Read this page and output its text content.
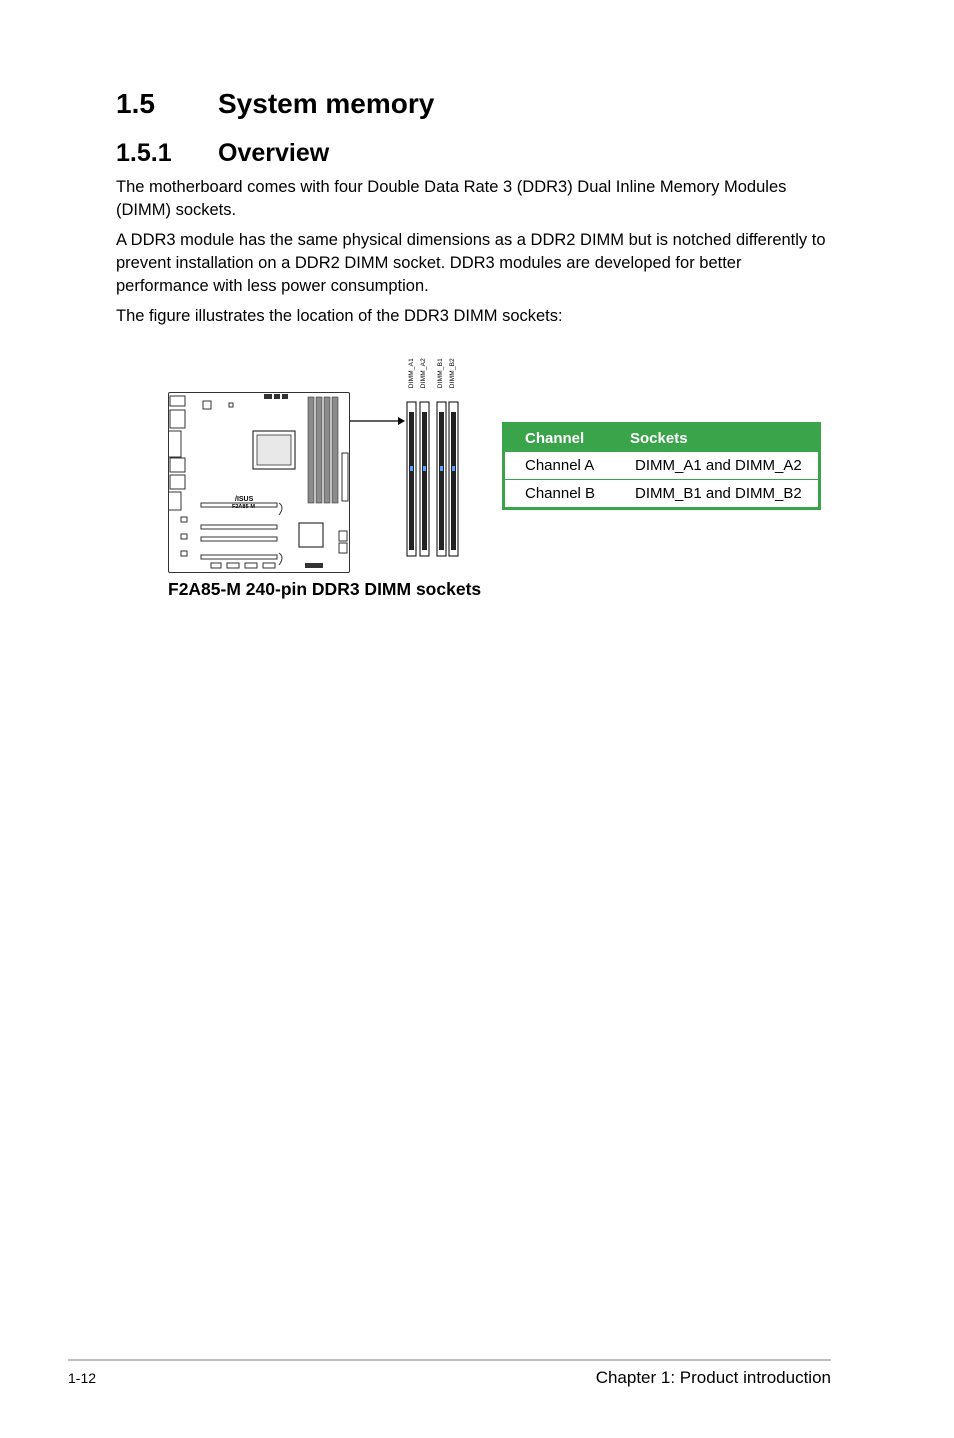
1.5 System memory
1.5.1 Overview

The motherboard comes with four Double Data Rate 3 (DDR3) Dual Inline Memory Modules (DIMM) sockets.

A DDR3 module has the same physical dimensions as a DDR2 DIMM but is notched differently to prevent installation on a DDR2 DIMM socket. DDR3 modules are developed for better performance with less power consumption.

The figure illustrates the location of the DDR3 DIMM sockets:

/ISUS
F2A85-M
DIMM_A1 DIMM_A2 DIMM_B1 DIMM_B2
F2A85-M 240-pin DDR3 DIMM sockets
Channel	Sockets
Channel A	DIMM_A1 and DIMM_A2
Channel B	DIMM_B1 and DIMM_B2
1-12	Chapter 1: Product introduction
